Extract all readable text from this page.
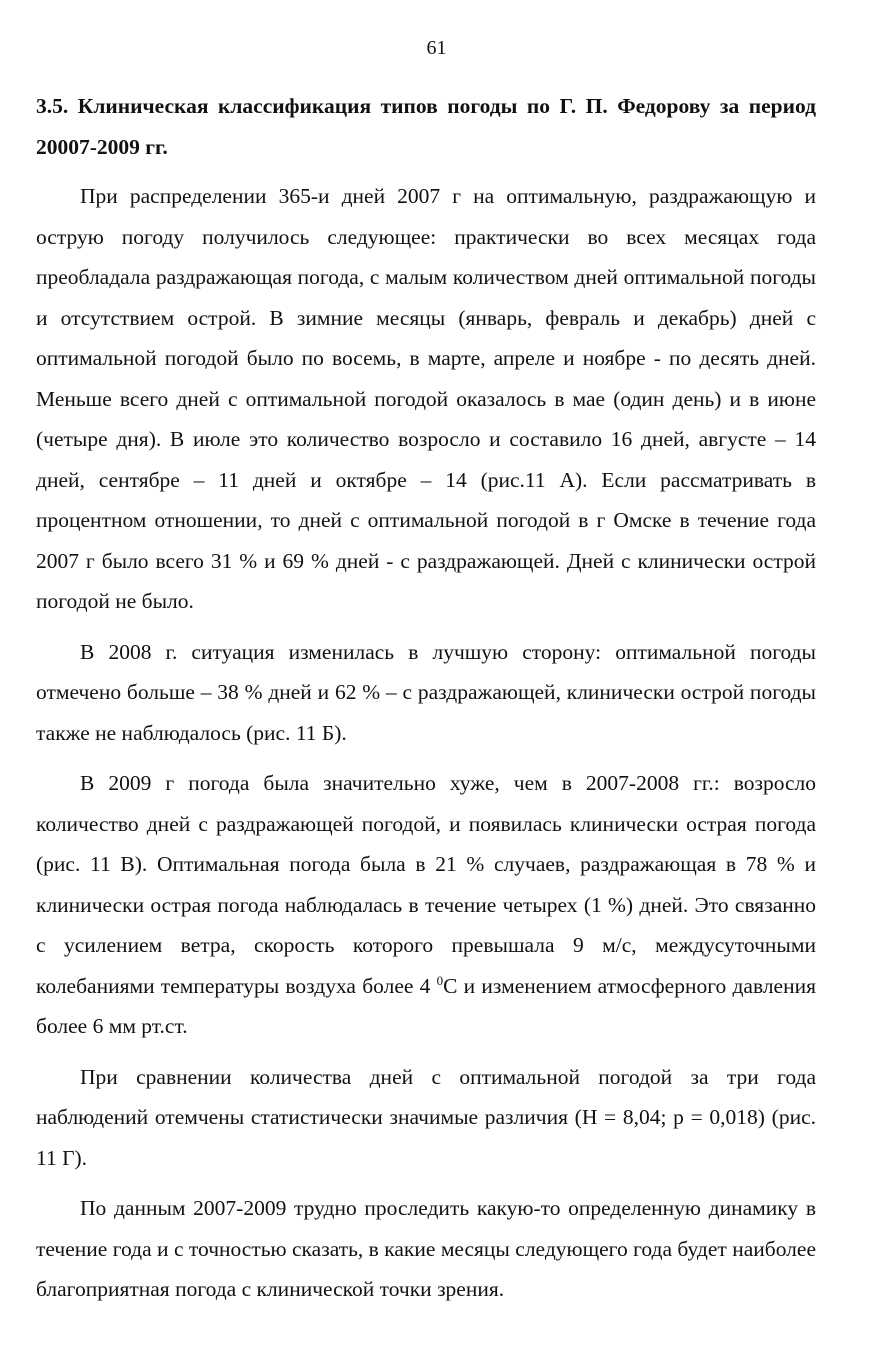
61

3.5. Клиническая классификация типов погоды по Г. П. Федорову за период 20007-2009 гг.

При распределении 365-и дней 2007 г на оптимальную, раздражающую и острую погоду получилось следующее: практически во всех месяцах года преобладала раздражающая погода, с малым количеством дней оптимальной погоды и отсутствием острой. В зимние месяцы (январь, февраль и декабрь) дней с оптимальной погодой было по восемь, в марте, апреле и ноябре - по десять дней. Меньше всего дней с оптимальной погодой оказалось в мае (один день) и в июне (четыре дня). В июле это количество возросло и составило 16 дней, августе – 14 дней, сентябре – 11 дней и октябре – 14 (рис.11 А). Если рассматривать в процентном отношении, то дней с оптимальной погодой в г Омске в течение года 2007 г было всего 31 % и 69 % дней - с раздражающей. Дней с клинически острой погодой не было.

В 2008 г. ситуация изменилась в лучшую сторону: оптимальной погоды отмечено больше – 38 % дней и 62 % – с раздражающей, клинически острой погоды также не наблюдалось (рис. 11 Б).

В 2009 г погода была значительно хуже, чем в 2007-2008 гг.: возросло количество дней с раздражающей погодой, и появилась клинически острая погода (рис. 11 В). Оптимальная погода была в 21 % случаев, раздражающая в 78 % и клинически острая погода наблюдалась в течение четырех (1 %) дней. Это связанно с усилением ветра, скорость которого превышала 9 м/с, междусуточными колебаниями температуры воздуха более 4 $^0$С и изменением атмосферного давления более 6 мм рт.ст.

При сравнении количества дней с оптимальной погодой за три года наблюдений отемчены статистически значимые различия (Н = 8,04; р = 0,018) (рис. 11 Г).

По данным 2007-2009 трудно проследить какую-то определенную динамику в течение года и с точностью сказать, в какие месяцы следующего года будет наиболее благоприятная погода с клинической точки зрения.
